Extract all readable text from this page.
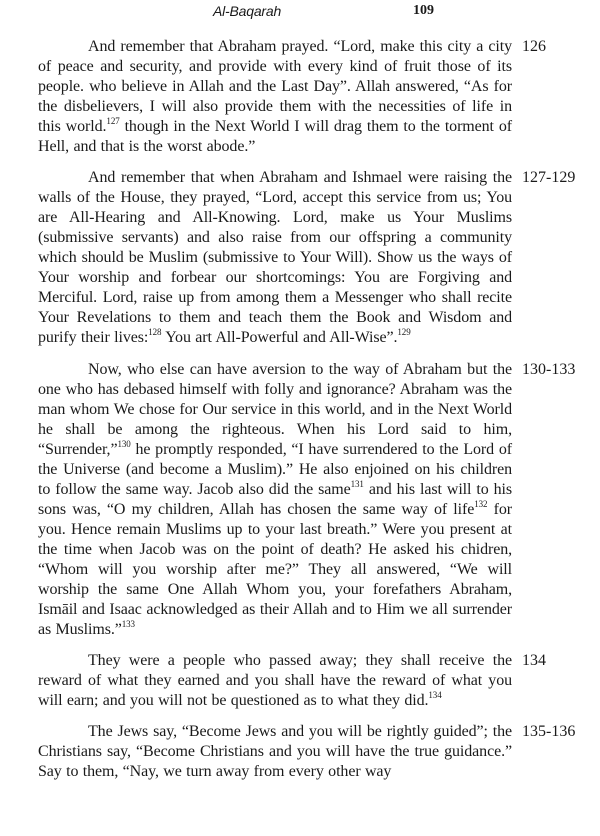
Al-Baqarah	109

And remember that Abraham prayed. “Lord, make this city a city of peace and security, and provide with every kind of fruit those of its people. who believe in Allah and the Last Day”. Allah answered, “As for the disbelievers, I will also provide them with the necessities of life in this world.$^{127}$ though in the Next World I will drag them to the torment of Hell, and that is the worst abode.”

126

And remember that when Abraham and Ishmael were raising the walls of the House, they prayed, “Lord, accept this service from us; You are All-Hearing and All-Knowing. Lord, make us Your Muslims (submissive servants) and also raise from our offspring a community which should be Muslim (submissive to Your Will). Show us the ways of Your worship and forbear our shortcomings: You are Forgiving and Merciful. Lord, raise up from among them a Messenger who shall recite Your Revelations to them and teach them the Book and Wisdom and purify their lives:$^{128}$ You art All-Powerful and All-Wise”.$^{129}$

127-129

Now, who else can have aversion to the way of Abraham but the one who has debased himself with folly and ignorance? Abraham was the man whom We chose for Our service in this world, and in the Next World he shall be among the righteous. When his Lord said to him, “Surrender,”$^{130}$ he promptly responded, “I have surrendered to the Lord of the Universe (and become a Muslim).” He also enjoined on his children to follow the same way. Jacob also did the same$^{131}$ and his last will to his sons was, “O my children, Allah has chosen the same way of life$^{132}$ for you. Hence remain Muslims up to your last breath.” Were you present at the time when Jacob was on the point of death? He asked his chidren, “Whom will you worship after me?” They all answered, “We will worship the same One Allah Whom you, your forefathers Abraham, Ismāil and Isaac acknowledged as their Allah and to Him we all surrender as Muslims.”$^{133}$

130-133

They were a people who passed away; they shall receive the reward of what they earned and you shall have the reward of what you will earn; and you will not be questioned as to what they did.$^{134}$

134

The Jews say, “Become Jews and you will be rightly guided”; the Christians say, “Become Christians and you will have the true guidance.” Say to them, “Nay, we turn away from every other way

135-136
